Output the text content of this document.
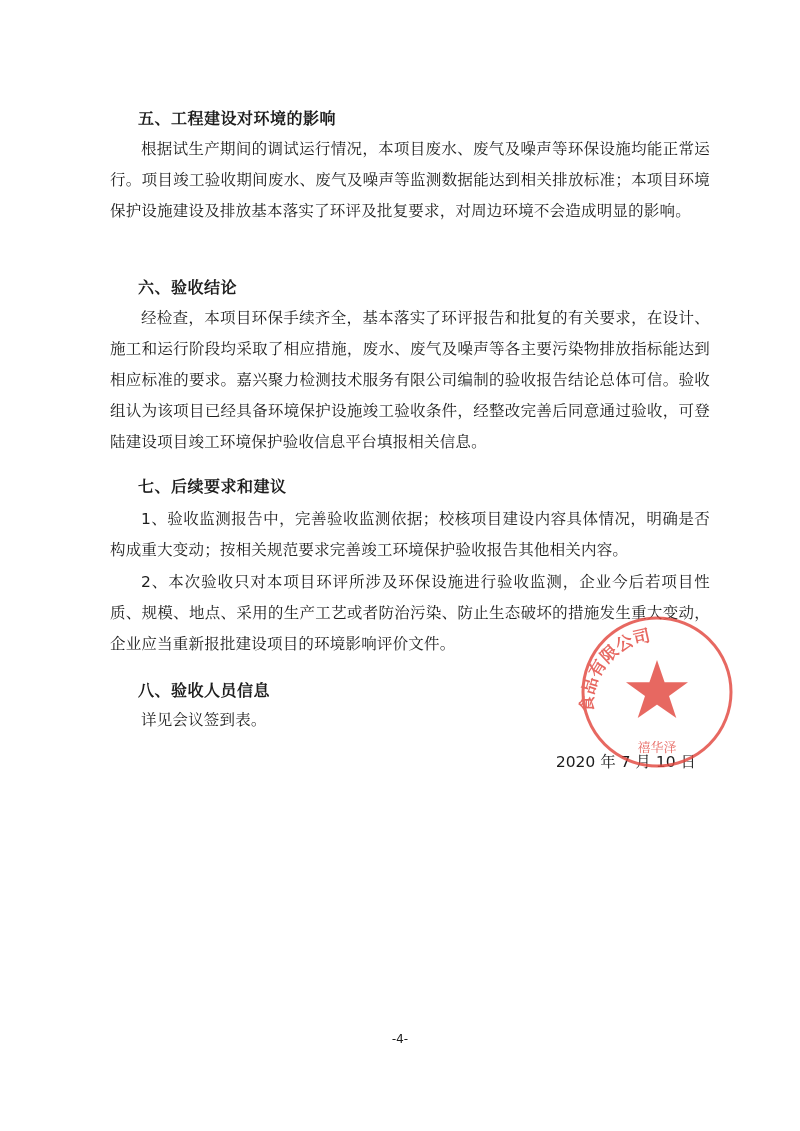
五、工程建设对环境的影响

根据试生产期间的调试运行情况，本项目废水、废气及噪声等环保设施均能正常运行。项目竣工验收期间废水、废气及噪声等监测数据能达到相关排放标准；本项目环境保护设施建设及排放基本落实了环评及批复要求，对周边环境不会造成明显的影响。

六、验收结论

经检查，本项目环保手续齐全，基本落实了环评报告和批复的有关要求，在设计、施工和运行阶段均采取了相应措施，废水、废气及噪声等各主要污染物排放指标能达到相应标准的要求。嘉兴聚力检测技术服务有限公司编制的验收报告结论总体可信。验收组认为该项目已经具备环境保护设施竣工验收条件，经整改完善后同意通过验收，可登陆建设项目竣工环境保护验收信息平台填报相关信息。

七、后续要求和建议

1、验收监测报告中，完善验收监测依据；校核项目建设内容具体情况，明确是否构成重大变动；按相关规范要求完善竣工环境保护验收报告其他相关内容。

2、本次验收只对本项目环评所涉及环保设施进行验收监测，企业今后若项目性质、规模、地点、采用的生产工艺或者防治污染、防止生态破坏的措施发生重大变动，企业应当重新报批建设项目的环境影响评价文件。

八、验收人员信息

详见会议签到表。

2020 年 7 月 10 日

食品有限公司
禧华泽

-4-
